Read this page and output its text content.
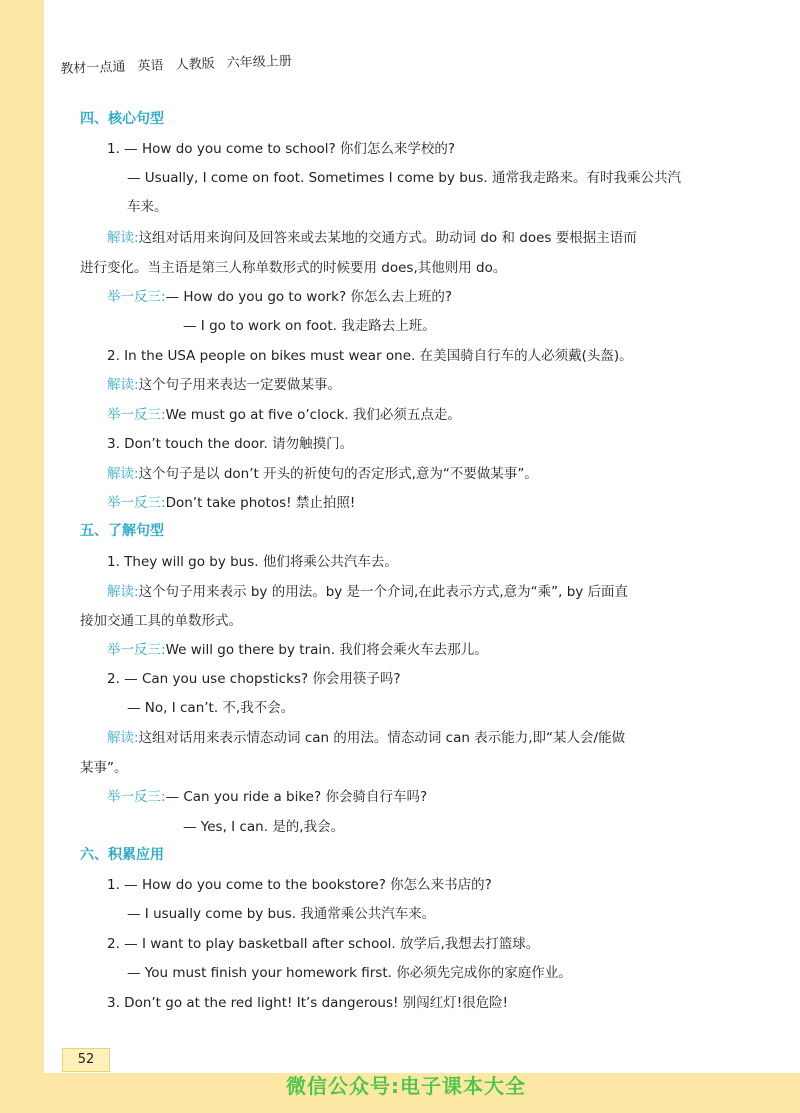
教材一点通 英语 人教版 六年级上册
四、核心句型
1. — How do you come to school? 你们怎么来学校的?
— Usually, I come on foot. Sometimes I come by bus. 通常我走路来。有时我乘公共汽
车来。
解读:这组对话用来询问及回答来或去某地的交通方式。助动词 do 和 does 要根据主语而
进行变化。当主语是第三人称单数形式的时候要用 does,其他则用 do。
举一反三:— How do you go to work? 你怎么去上班的?
— I go to work on foot. 我走路去上班。
2. In the USA people on bikes must wear one. 在美国骑自行车的人必须戴(头盔)。
解读:这个句子用来表达一定要做某事。
举一反三:We must go at five o’clock. 我们必须五点走。
3. Don’t touch the door. 请勿触摸门。
解读:这个句子是以 don’t 开头的祈使句的否定形式,意为“不要做某事”。
举一反三:Don’t take photos! 禁止拍照!
五、了解句型
1. They will go by bus. 他们将乘公共汽车去。
解读:这个句子用来表示 by 的用法。by 是一个介词,在此表示方式,意为“乘”, by 后面直
接加交通工具的单数形式。
举一反三:We will go there by train. 我们将会乘火车去那儿。
2. — Can you use chopsticks? 你会用筷子吗?
— No, I can’t. 不,我不会。
解读:这组对话用来表示情态动词 can 的用法。情态动词 can 表示能力,即“某人会/能做
某事”。
举一反三:— Can you ride a bike? 你会骑自行车吗?
— Yes, I can. 是的,我会。
六、积累应用
1. — How do you come to the bookstore? 你怎么来书店的?
— I usually come by bus. 我通常乘公共汽车来。
2. — I want to play basketball after school. 放学后,我想去打篮球。
— You must finish your homework first. 你必须先完成你的家庭作业。
3. Don’t go at the red light! It’s dangerous! 别闯红灯!很危险!
52
微信公众号:电子课本大全
